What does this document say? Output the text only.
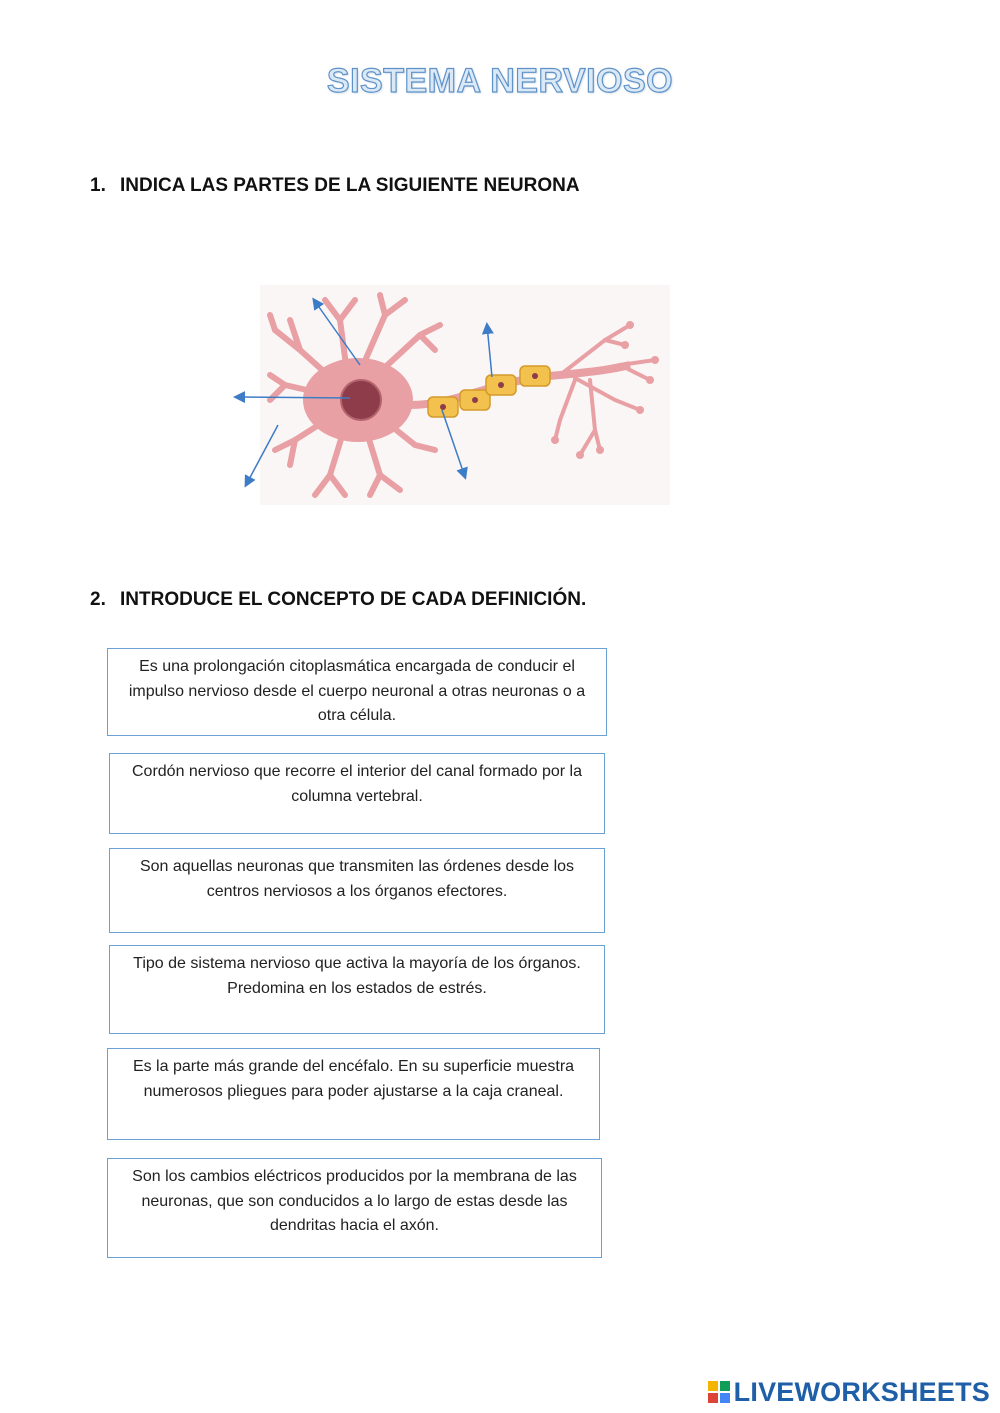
SISTEMA NERVIOSO
1. INDICA LAS PARTES DE LA SIGUIENTE NEURONA
2. INTRODUCE EL CONCEPTO DE CADA DEFINICIÓN.
Es una prolongación citoplasmática encargada de conducir el impulso nervioso desde el cuerpo neuronal a otras neuronas o a otra célula.
Cordón nervioso que recorre el interior del canal formado por la columna vertebral.
Son aquellas neuronas que transmiten las órdenes desde los centros nerviosos a los órganos efectores.
Tipo de sistema nervioso que activa la mayoría de los órganos. Predomina en los estados de estrés.
Es la parte más grande del encéfalo. En su superficie muestra numerosos pliegues para poder ajustarse a la caja craneal.
Son los cambios eléctricos producidos por la membrana de las neuronas, que son conducidos a lo largo de estas desde las dendritas hacia el axón.
LIVEWORKSHEETS
